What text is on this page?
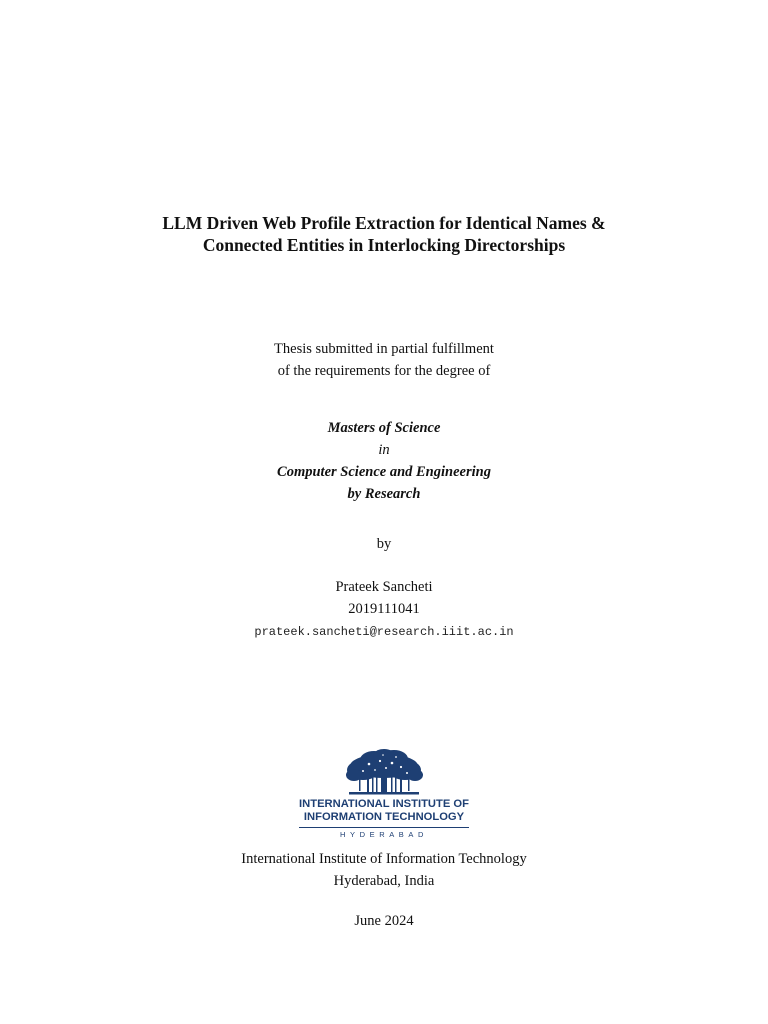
LLM Driven Web Profile Extraction for Identical Names &
Connected Entities in Interlocking Directorships
Thesis submitted in partial fulfillment
of the requirements for the degree of
Masters of Science
in
Computer Science and Engineering
by Research
by
Prateek Sancheti
2019111041
prateek.sancheti@research.iiit.ac.in
INTERNATIONAL INSTITUTE OF
INFORMATION TECHNOLOGY
HYDERABAD
International Institute of Information Technology
Hyderabad, India
June 2024
